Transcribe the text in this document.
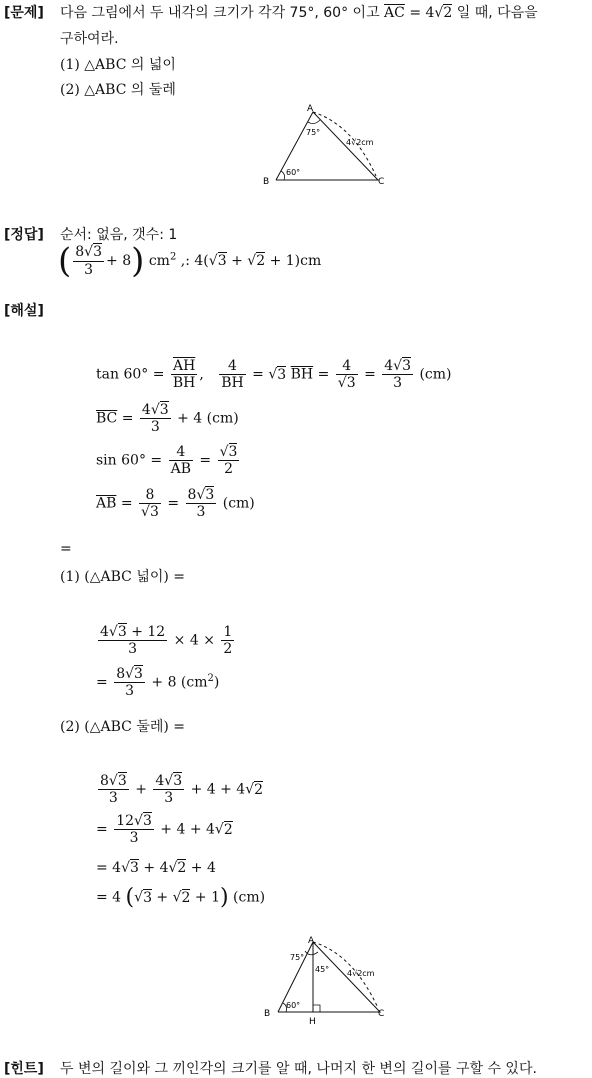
[문제] 다음 그림에서 두 내각의 크기가 각각 75°, 60° 이고 $\overline{AC} = 4√2$ 일 때, 다음을
구하여라.
(1) △ABC 의 넓이
(2) △ABC 의 둘레
A
B	C
75°
60°
4√2cm
[정답] 순서: 없음, 갯수: 1
( $\frac{8√3}{3} + 8$) $cm^2$ ,: 4(√3 + √2 + 1)cm
[해설]
$\tan 60^\circ = \frac{\overline{AH}}{BH}$ , $\frac{4}{BH} = √3$ $\overline{BH} = \frac{4}{√3} = \frac{4√3}{3} (cm)$
$\overline{BC} = \frac{4√3}{3} + 4$ (cm)
$\sin 60^\circ = \frac{4}{AB} = \frac{√3}{2}$
$\overline{AB} = \frac{8}{√3} = \frac{8√3}{3} (cm)$
=
(1) (△ABC 넓이) =
$\frac{4√3 + 12}{3} \times 4 \times \frac{1}{2}$
= $\frac{8√3}{3} + 8$ $(cm^2)$
(2) (△ABC 둘레) =
$\frac{8√3}{3} + \frac{4√3}{3} + 4 + 4√2$
= $\frac{12√3}{3} + 4 + 4√2$
= 4√3 + 4√2 + 4
= 4 (√3 + √2 + 1) (cm)
A
B	C
H
75°
45°
60°
4√2cm
[힌트] 두 변의 길이와 그 끼인각의 크기를 알 때, 나머지 한 변의 길이를 구할 수 있다.
